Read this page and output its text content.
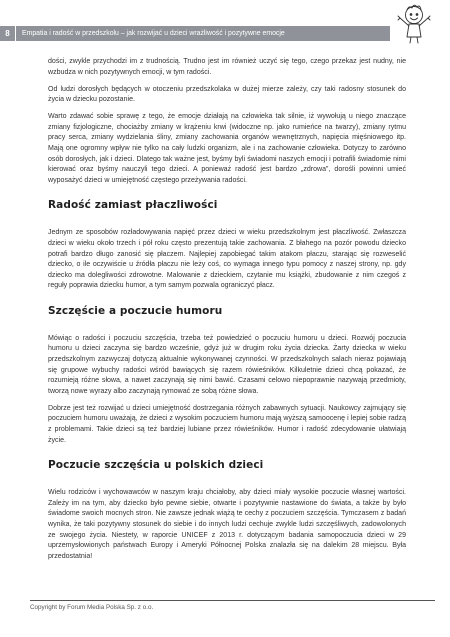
8	Empatia i radość w przedszkolu – jak rozwijać u dzieci wrażliwość i pozytywne emocje

dości, zwykle przychodzi im z trudnością. Trudno jest im również uczyć się tego, czego przekaz jest nudny, nie wzbudza w nich pozytywnych emocji, w tym radości.

Od ludzi dorosłych będących w otoczeniu przedszkolaka w dużej mierze zależy, czy taki radosny stosunek do życia w dziecku pozostanie.

Warto zdawać sobie sprawę z tego, że emocje działają na człowieka tak silnie, iż wywołują u niego znaczące zmiany fizjologiczne, chociażby zmiany w krążeniu krwi (widoczne np. jako rumieńce na twarzy), zmiany rytmu pracy serca, zmiany wydzielania śliny, zmiany zachowania organów wewnętrznych, napięcia mięśniowego itp. Mają one ogromny wpływ nie tylko na cały ludzki organizm, ale i na zachowanie człowieka. Dotyczy to zarówno osób dorosłych, jak i dzieci. Dlatego tak ważne jest, byśmy byli świadomi naszych emocji i potrafili świadomie nimi kierować oraz byśmy nauczyli tego dzieci. A ponieważ radość jest bardzo „zdrowa”, dorośli powinni umieć wyposażyć dzieci w umiejętność częstego przeżywania radości.

Radość zamiast płaczliwości

Jednym ze sposobów rozładowywania napięć przez dzieci w wieku przedszkolnym jest płaczliwość. Zwłaszcza dzieci w wieku około trzech i pół roku często prezentują takie zachowania. Z błahego na pozór powodu dziecko potrafi bardzo długo zanosić się płaczem. Najlepiej zapobiegać takim atakom płaczu, starając się rozweselić dziecko, o ile oczywiście u źródła płaczu nie leży coś, co wymaga innego typu pomocy z naszej strony, np. gdy dziecko ma dolegliwości zdrowotne. Malowanie z dzieckiem, czytanie mu książki, zbudowanie z nim czegoś z reguły poprawia dziecku humor, a tym samym pozwala ograniczyć płacz.

Szczęście a poczucie humoru

Mówiąc o radości i poczuciu szczęścia, trzeba też powiedzieć o poczuciu humoru u dzieci. Rozwój poczucia humoru u dzieci zaczyna się bardzo wcześnie, gdyż już w drugim roku życia dziecka. Żarty dziecka w wieku przedszkolnym zazwyczaj dotyczą aktualnie wykonywanej czynności. W przedszkolnych salach nieraz pojawiają się grupowe wybuchy radości wśród bawiących się razem rówieśników. Kilkuletnie dzieci chcą pokazać, że rozumieją różne słowa, a nawet zaczynają się nimi bawić. Czasami celowo niepoprawnie nazywają przedmioty, tworzą nowe wyrazy albo zaczynają rymować ze sobą różne słowa.

Dobrze jest też rozwijać u dzieci umiejętność dostrzegania różnych zabawnych sytuacji. Naukowcy zajmujący się poczuciem humoru uważają, że dzieci z wysokim poczuciem humoru mają wyższą samoocenę i lepiej sobie radzą z problemami. Takie dzieci są też bardziej lubiane przez rówieśników. Humor i radość zdecydowanie ułatwiają życie.

Poczucie szczęścia u polskich dzieci

Wielu rodziców i wychowawców w naszym kraju chciałoby, aby dzieci miały wysokie poczucie własnej wartości. Zależy im na tym, aby dziecko było pewne siebie, otwarte i pozytywnie nastawione do świata, a także by było świadome swoich mocnych stron. Nie zawsze jednak wiążą te cechy z poczuciem szczęścia. Tymczasem z badań wynika, że taki pozytywny stosunek do siebie i do innych ludzi cechuje zwykle ludzi szczęśliwych, zadowolonych ze swojego życia. Niestety, w raporcie UNICEF z 2013 r. dotyczącym badania samopoczucia dzieci w 29 uprzemysłowionych państwach Europy i Ameryki Północnej Polska znalazła się na dalekim 28 miejscu. Była przedostatnia!

Copyright by Forum Media Polska Sp. z o.o.
